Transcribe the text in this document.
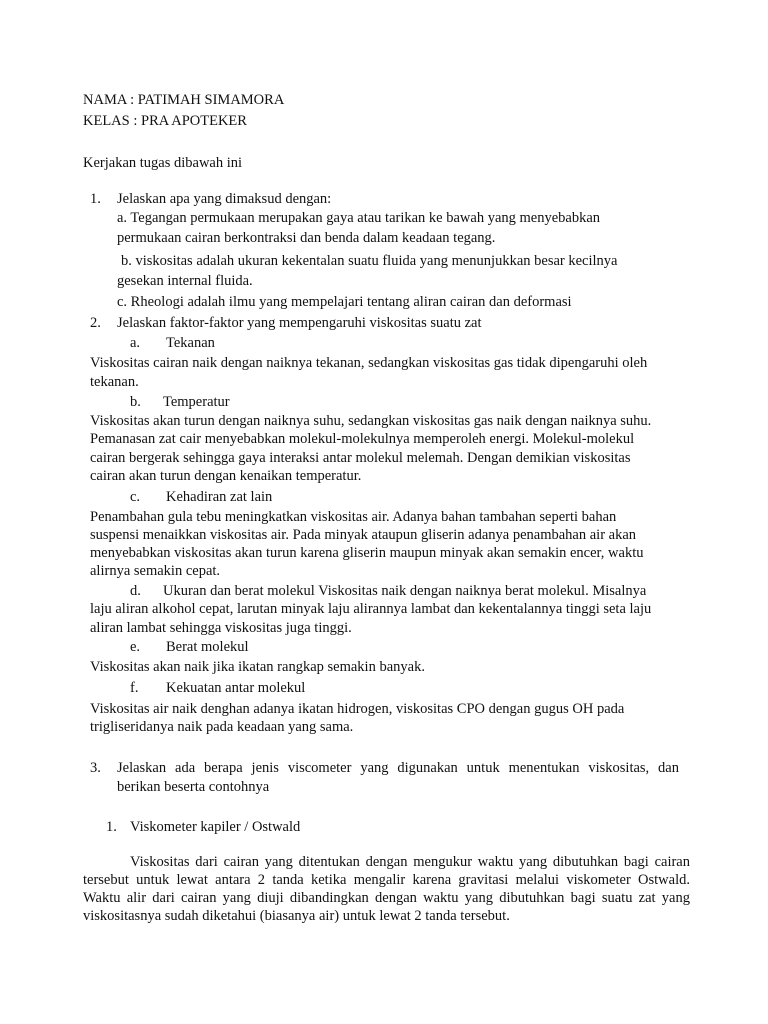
NAMA : PATIMAH SIMAMORA
KELAS : PRA APOTEKER
Kerjakan tugas dibawah ini
1. Jelaskan apa yang dimaksud dengan:
a. Tegangan permukaan merupakan gaya atau tarikan ke bawah yang menyebabkan
permukaan cairan berkontraksi dan benda dalam keadaan tegang.
b. viskositas adalah ukuran kekentalan suatu fluida yang menunjukkan besar kecilnya
gesekan internal fluida.
c. Rheologi adalah ilmu yang mempelajari tentang aliran cairan dan deformasi
2. Jelaskan faktor-faktor yang mempengaruhi viskositas suatu zat
a. Tekanan
Viskositas cairan naik dengan naiknya tekanan, sedangkan viskositas gas tidak dipengaruhi oleh
tekanan.
b. Temperatur
Viskositas akan turun dengan naiknya suhu, sedangkan viskositas gas naik dengan naiknya suhu.
Pemanasan zat cair menyebabkan molekul-molekulnya memperoleh energi. Molekul-molekul
cairan bergerak sehingga gaya interaksi antar molekul melemah. Dengan demikian viskositas
cairan akan turun dengan kenaikan temperatur.
c. Kehadiran zat lain
Penambahan gula tebu meningkatkan viskositas air. Adanya bahan tambahan seperti bahan
suspensi menaikkan viskositas air. Pada minyak ataupun gliserin adanya penambahan air akan
menyebabkan viskositas akan turun karena gliserin maupun minyak akan semakin encer, waktu
alirnya semakin cepat.
d. Ukuran dan berat molekul Viskositas naik dengan naiknya berat molekul. Misalnya
laju aliran alkohol cepat, larutan minyak laju alirannya lambat dan kekentalannya tinggi seta laju
aliran lambat sehingga viskositas juga tinggi.
e. Berat molekul
Viskositas akan naik jika ikatan rangkap semakin banyak.
f. Kekuatan antar molekul
Viskositas air naik denghan adanya ikatan hidrogen, viskositas CPO dengan gugus OH pada
trigliseridanya naik pada keadaan yang sama.
3. Jelaskan ada berapa jenis viscometer yang digunakan untuk menentukan viskositas, dan
berikan beserta contohnya
1. Viskometer kapiler / Ostwald
Viskositas dari cairan yang ditentukan dengan mengukur waktu yang dibutuhkan bagi cairan
tersebut untuk lewat antara 2 tanda ketika mengalir karena gravitasi melalui viskometer Ostwald.
Waktu alir dari cairan yang diuji dibandingkan dengan waktu yang dibutuhkan bagi suatu zat yang
viskositasnya sudah diketahui (biasanya air) untuk lewat 2 tanda tersebut.
